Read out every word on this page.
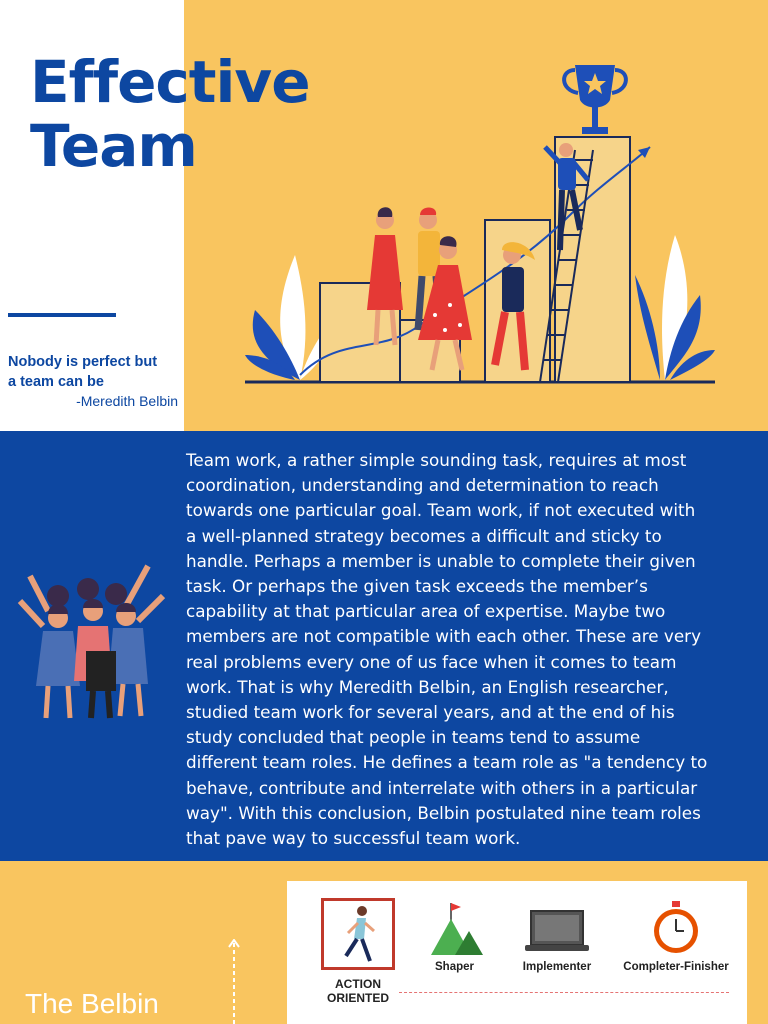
Effective
Team
Nobody is perfect but
a team can be
-Meredith Belbin
Team work, a rather simple sounding task, requires at most
coordination, understanding and determination to reach
towards one particular goal. Team work, if not executed with
a well-planned strategy becomes a difficult and sticky to
handle. Perhaps a member is unable to complete their given
task. Or perhaps the given task exceeds the member’s
capability at that particular area of expertise. Maybe two
members are not compatible with each other. These are very
real problems every one of us face when it comes to team
work. That is why Meredith Belbin, an English researcher,
studied team work for several years, and at the end of his
study concluded that people in teams tend to assume
different team roles. He defines a team role as "a tendency to
behave, contribute and interrelate with others in a particular
way". With this conclusion, Belbin postulated nine team roles
that pave way to successful team work.
The Belbin
ACTION
ORIENTED
Shaper	Implementer	Completer-Finisher
